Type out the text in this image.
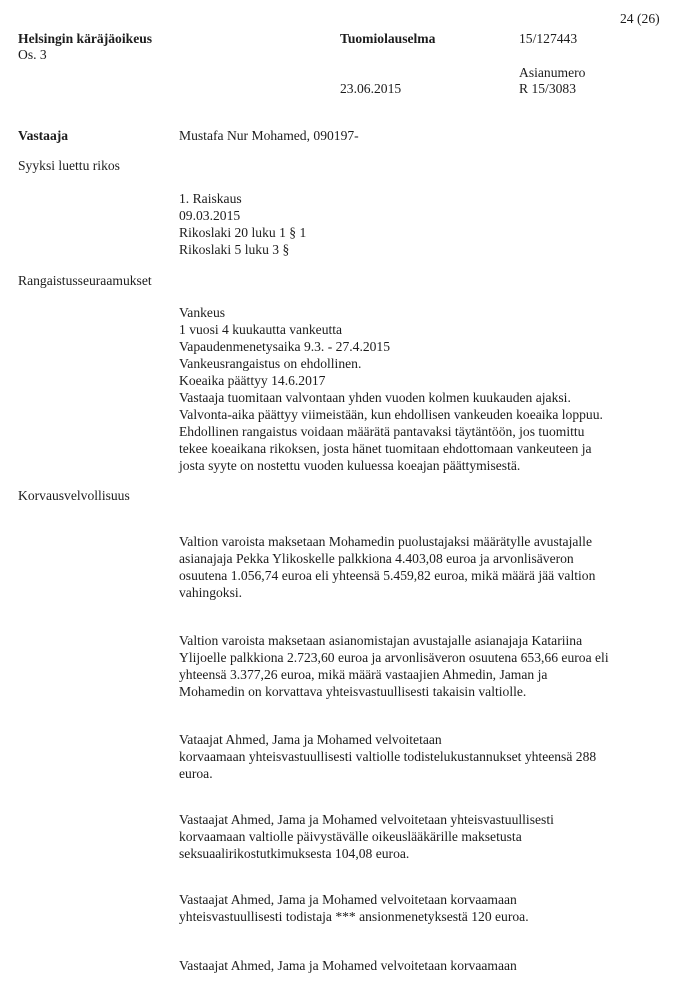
24 (26)
Helsingin käräjäoikeus
Os. 3
Tuomiolauselma	15/127443
Asianumero
R 15/3083
23.06.2015
Vastaaja	Mustafa Nur Mohamed, 090197-
Syyksi luettu rikos
1. Raiskaus
09.03.2015
Rikoslaki 20 luku 1 § 1
Rikoslaki 5 luku 3 §
Rangaistusseuraamukset
Vankeus
1 vuosi 4 kuukautta vankeutta
Vapaudenmenetysaika 9.3. - 27.4.2015
Vankeusrangaistus on ehdollinen.
Koeaika päättyy 14.6.2017
Vastaaja tuomitaan valvontaan yhden vuoden kolmen kuukauden ajaksi.
Valvonta-aika päättyy viimeistään, kun ehdollisen vankeuden koeaika loppuu.
Ehdollinen rangaistus voidaan määrätä pantavaksi täytäntöön, jos tuomittu
tekee koeaikana rikoksen, josta hänet tuomitaan ehdottomaan vankeuteen ja
josta syyte on nostettu vuoden kuluessa koeajan päättymisestä.
Korvausvelvollisuus
Valtion varoista maksetaan Mohamedin puolustajaksi määrätylle avustajalle
asianajaja Pekka Ylikoskelle palkkiona 4.403,08 euroa ja arvonlisäveron
osuutena 1.056,74 euroa eli yhteensä 5.459,82 euroa, mikä määrä jää valtion
vahingoksi.
Valtion varoista maksetaan asianomistajan avustajalle asianajaja Katariina
Ylijoelle palkkiona 2.723,60 euroa ja arvonlisäveron osuutena 653,66 euroa eli
yhteensä 3.377,26 euroa, mikä määrä vastaajien Ahmedin, Jaman ja
Mohamedin on korvattava yhteisvastuullisesti takaisin valtiolle.
Vataajat Ahmed, Jama ja Mohamed velvoitetaan
korvaamaan yhteisvastuullisesti valtiolle todistelukustannukset yhteensä 288
euroa.
Vastaajat Ahmed, Jama ja Mohamed velvoitetaan yhteisvastuullisesti
korvaamaan valtiolle päivystävälle oikeuslääkärille maksetusta
seksuaalirikostutkimuksesta 104,08 euroa.
Vastaajat Ahmed, Jama ja Mohamed velvoitetaan korvaamaan
yhteisvastuullisesti todistaja *** ansionmenetyksestä 120 euroa.
Vastaajat Ahmed, Jama ja Mohamed velvoitetaan korvaamaan
